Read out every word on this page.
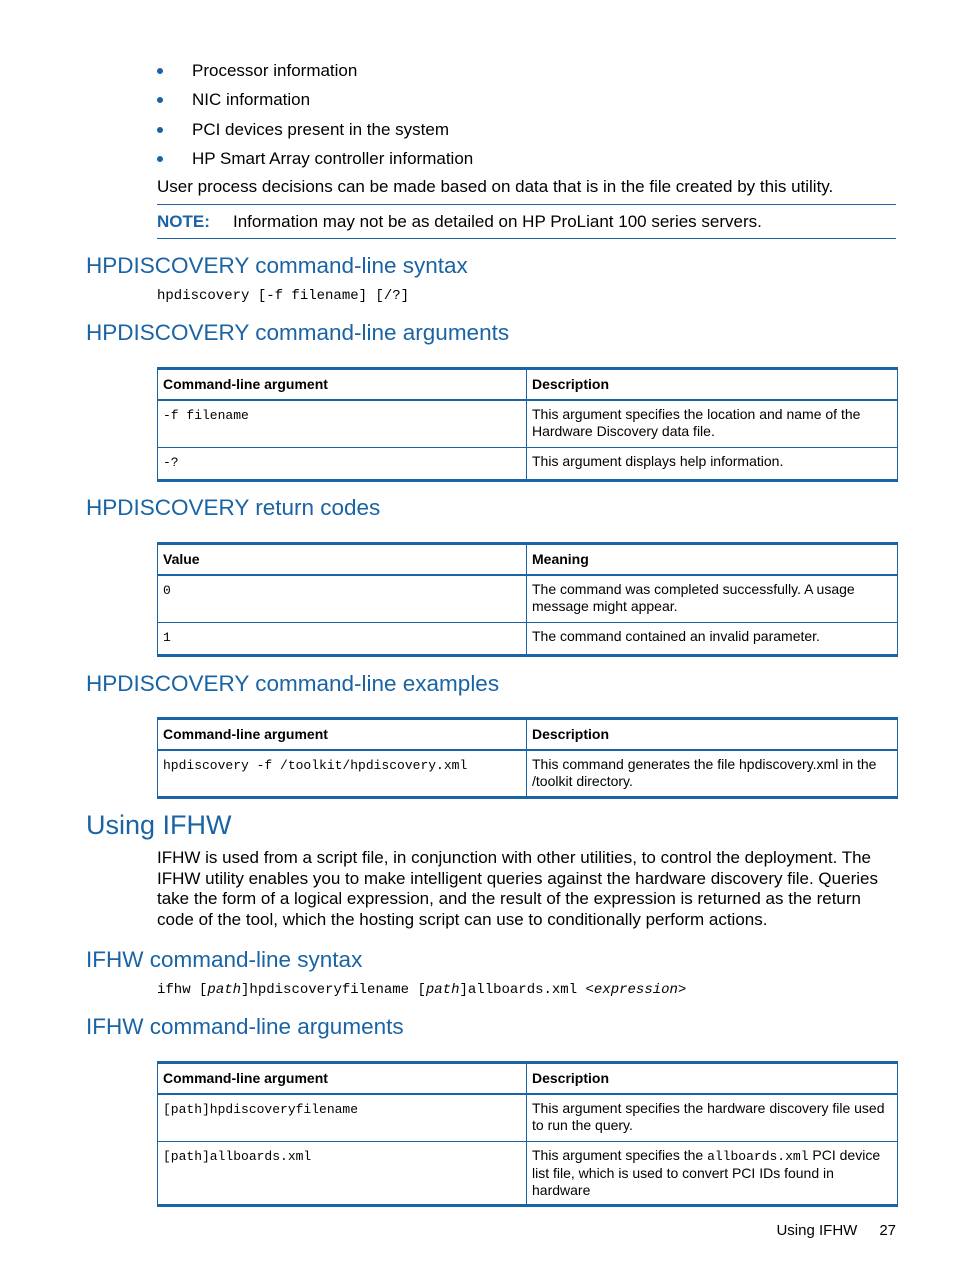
Processor information
NIC information
PCI devices present in the system
HP Smart Array controller information
User process decisions can be made based on data that is in the file created by this utility.
NOTE: Information may not be as detailed on HP ProLiant 100 series servers.
HPDISCOVERY command-line syntax
hpdiscovery [-f filename] [/?]
HPDISCOVERY command-line arguments
Command-line argument	Description
-f filename	This argument specifies the location and name of the Hardware Discovery data file.
-?	This argument displays help information.
HPDISCOVERY return codes
Value	Meaning
0	The command was completed successfully. A usage message might appear.
1	The command contained an invalid parameter.
HPDISCOVERY command-line examples
Command-line argument	Description
hpdiscovery -f /toolkit/hpdiscovery.xml	This command generates the file hpdiscovery.xml in the /toolkit directory.
Using IFHW
IFHW is used from a script file, in conjunction with other utilities, to control the deployment. The IFHW utility enables you to make intelligent queries against the hardware discovery file. Queries take the form of a logical expression, and the result of the expression is returned as the return code of the tool, which the hosting script can use to conditionally perform actions.
IFHW command-line syntax
ifhw [path]hpdiscoveryfilename [path]allboards.xml <expression>
IFHW command-line arguments
Command-line argument	Description
[path]hpdiscoveryfilename	This argument specifies the hardware discovery file used to run the query.
[path]allboards.xml	This argument specifies the allboards.xml PCI device list file, which is used to convert PCI IDs found in hardware
Using IFHW 27
